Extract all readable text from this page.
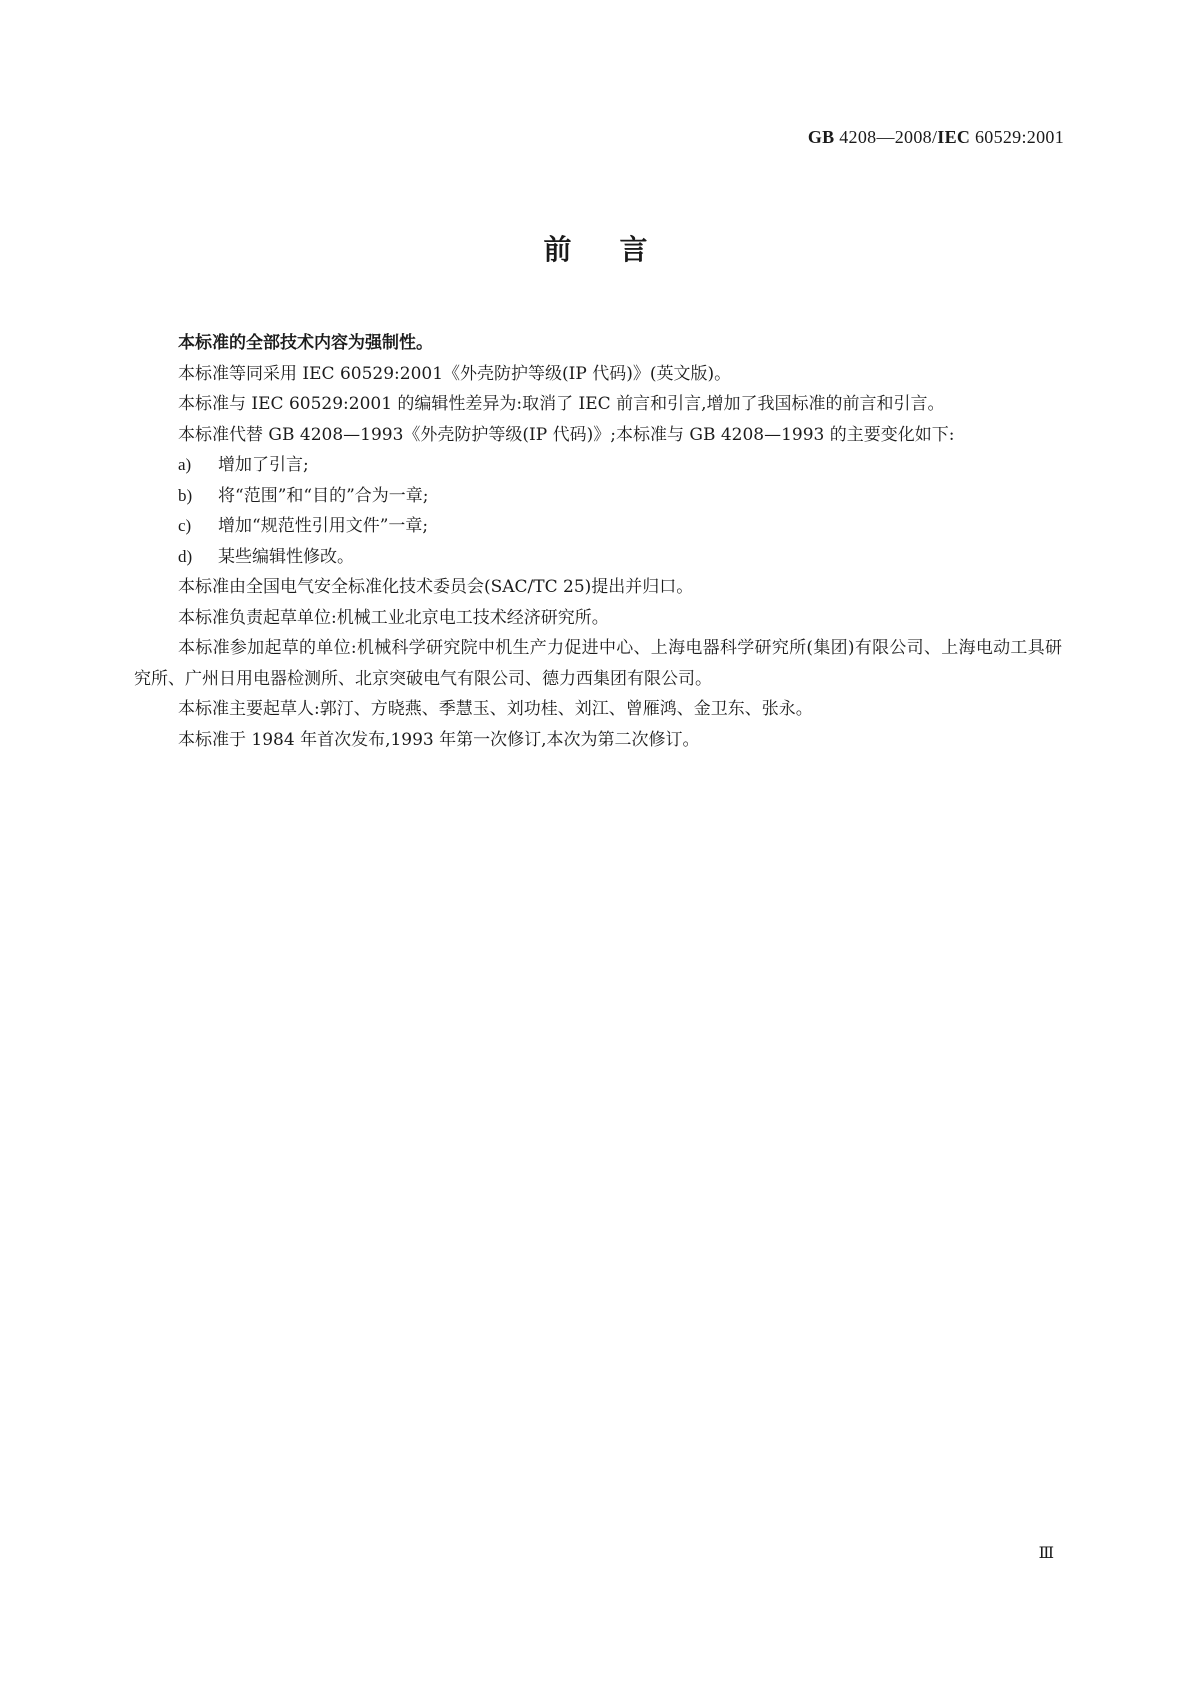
GB 4208—2008/IEC 60529:2001
前言

本标准的全部技术内容为强制性。

本标准等同采用 IEC 60529:2001《外壳防护等级(IP 代码)》(英文版)。

本标准与 IEC 60529:2001 的编辑性差异为:取消了 IEC 前言和引言,增加了我国标准的前言和引言。

本标准代替 GB 4208—1993《外壳防护等级(IP 代码)》;本标准与 GB 4208—1993 的主要变化如下:

a) 增加了引言;
b) 将“范围”和“目的”合为一章;
c) 增加“规范性引用文件”一章;
d) 某些编辑性修改。

本标准由全国电气安全标准化技术委员会(SAC/TC 25)提出并归口。

本标准负责起草单位:机械工业北京电工技术经济研究所。

本标准参加起草的单位:机械科学研究院中机生产力促进中心、上海电器科学研究所(集团)有限公司、上海电动工具研究所、广州日用电器检测所、北京突破电气有限公司、德力西集团有限公司。

本标准主要起草人:郭汀、方晓燕、季慧玉、刘功桂、刘江、曾雁鸿、金卫东、张永。

本标准于 1984 年首次发布,1993 年第一次修订,本次为第二次修订。

Ⅲ
